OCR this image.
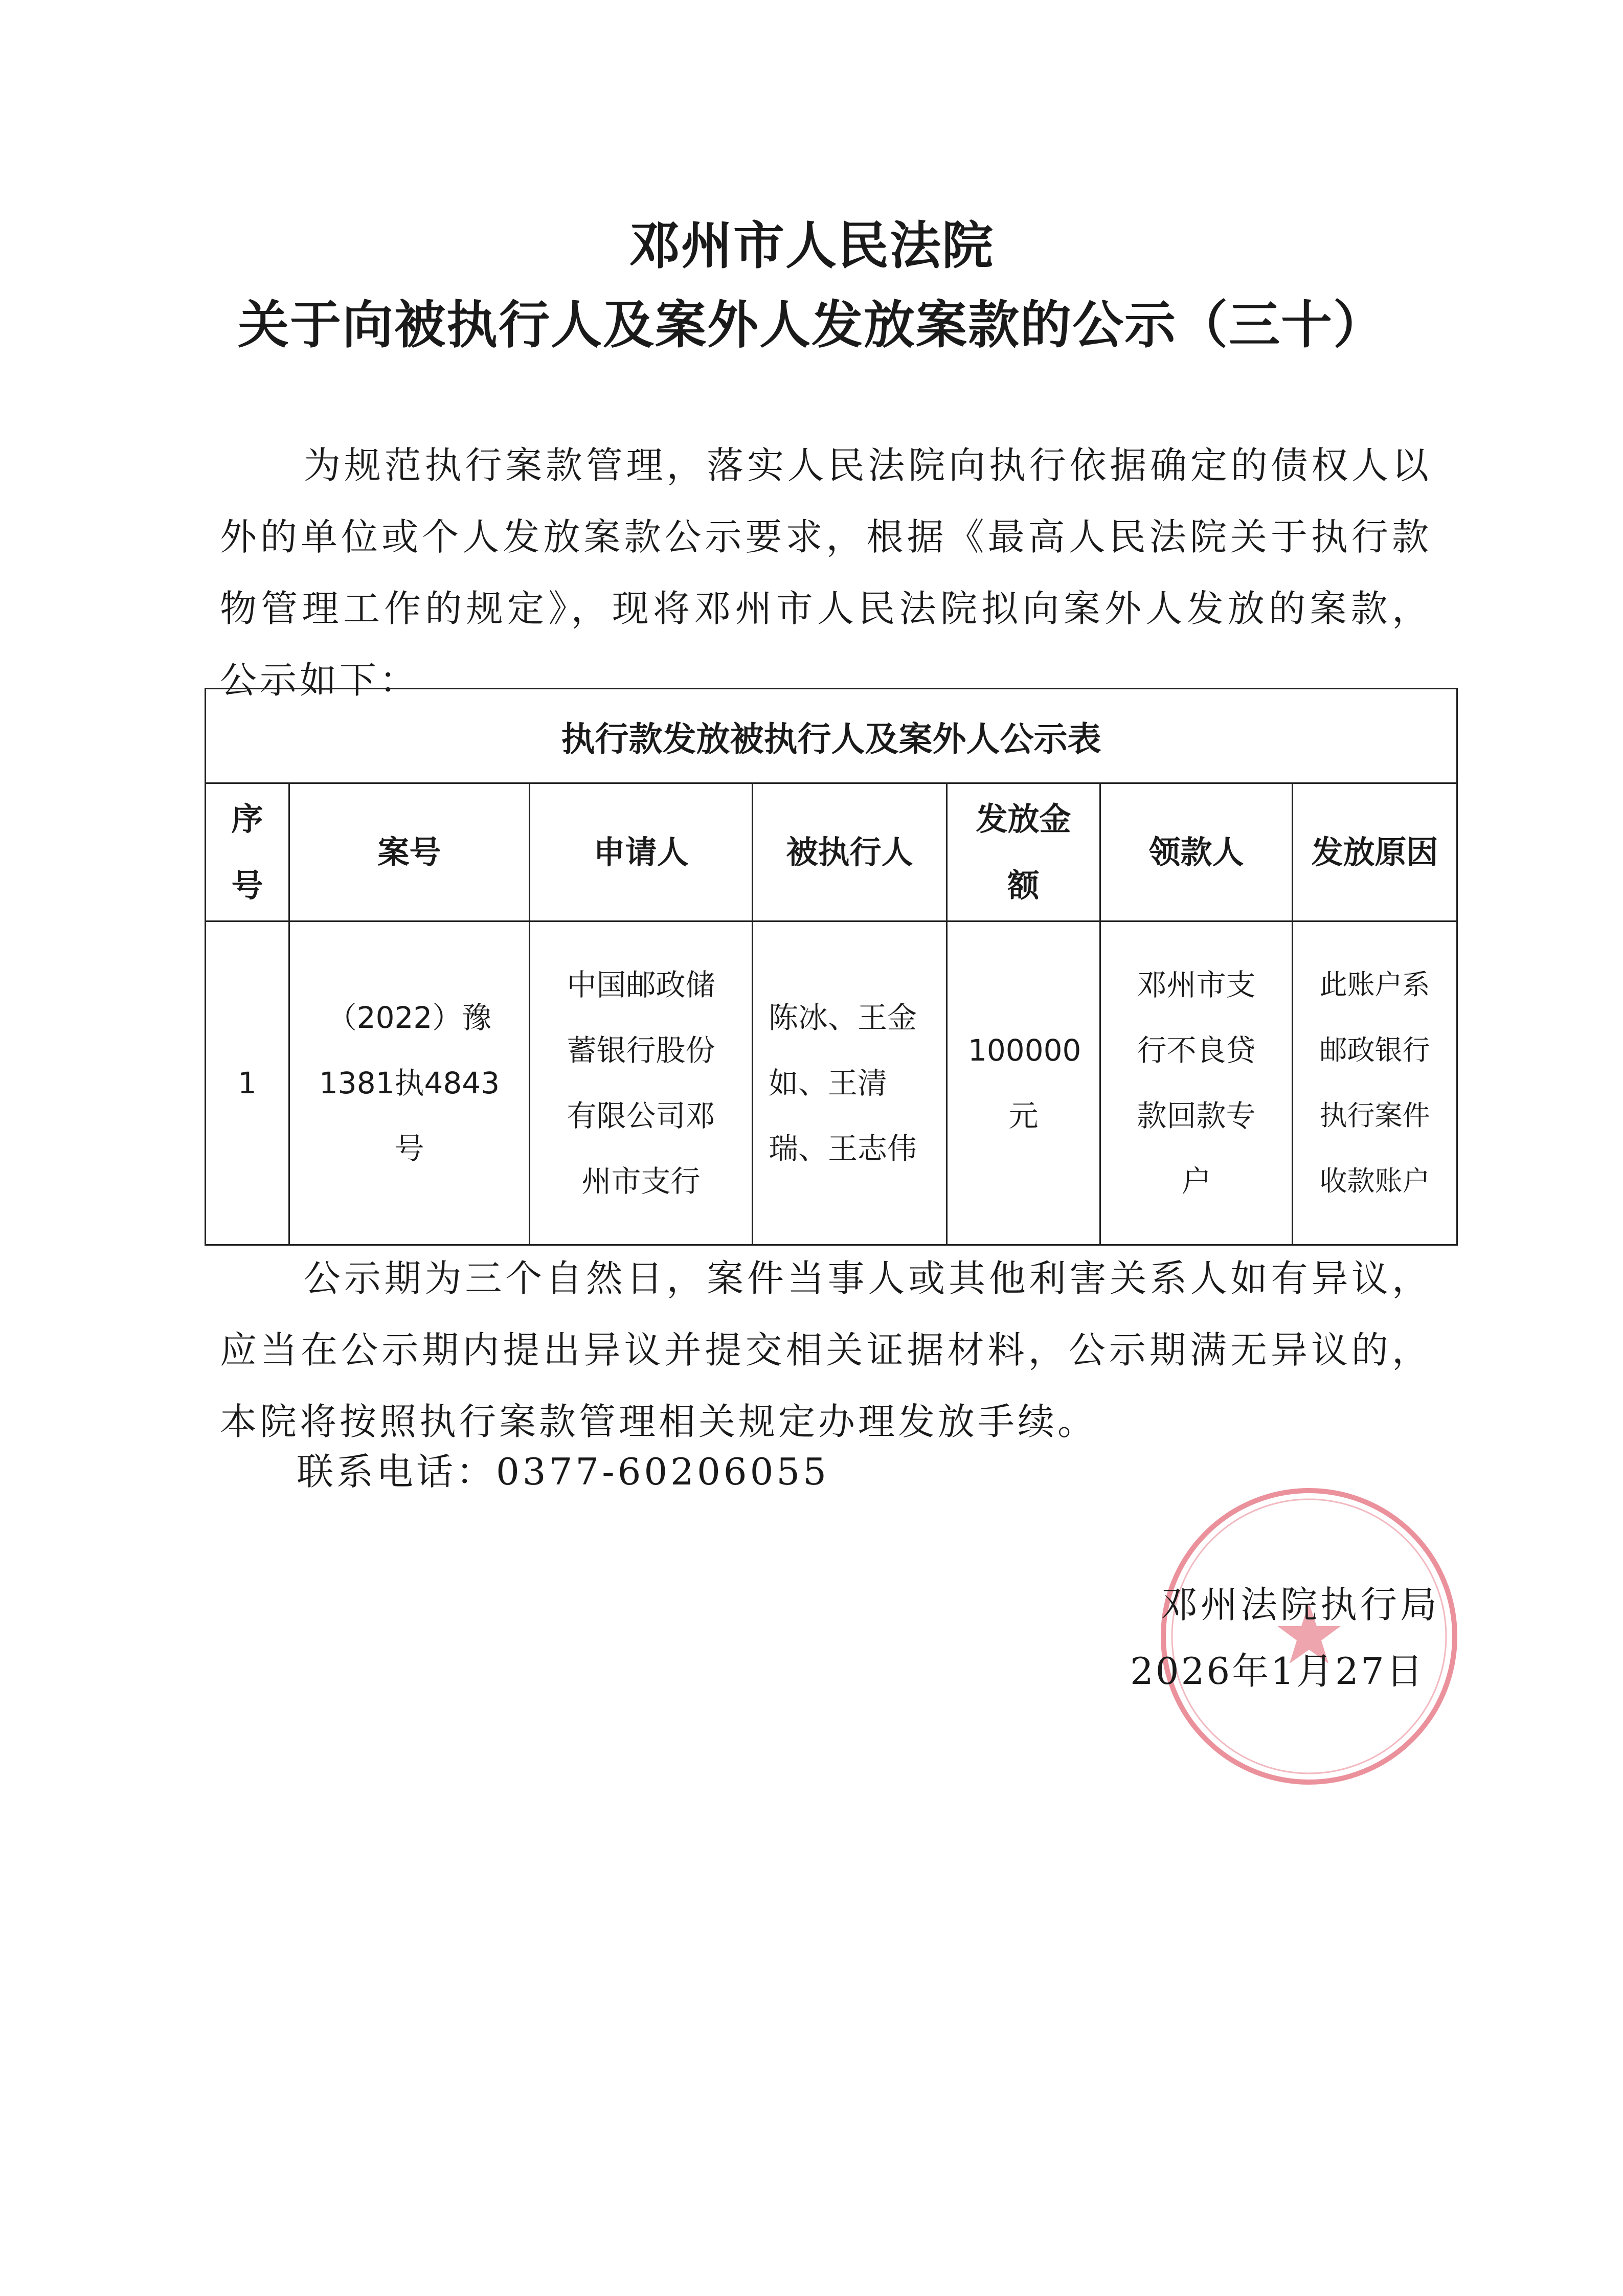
邓州市人民法院
关于向被执行人及案外人发放案款的公示（三十）
为规范执行案款管理，落实人民法院向执行依据确定的债权人以外的单位或个人发放案款公示要求，根据《最高人民法院关于执行款物管理工作的规定》，现将邓州市人民法院拟向案外人发放的案款，公示如下：
执行款发放被执行人及案外人公示表						
序号	案号	申请人	被执行人	发放金额	领款人	发放原因
1	（2022）豫1381执4843号	中国邮政储蓄银行股份有限公司邓州市支行	陈冰、王金如、王清瑞、王志伟	100000元	邓州市支行不良贷款回款专户	此账户系邮政银行执行案件收款账户
公示期为三个自然日，案件当事人或其他利害关系人如有异议，应当在公示期内提出异议并提交相关证据材料，公示期满无异议的，本院将按照执行案款管理相关规定办理发放手续。
联系电话：0377-60206055
邓州法院执行局
2026年1月27日
